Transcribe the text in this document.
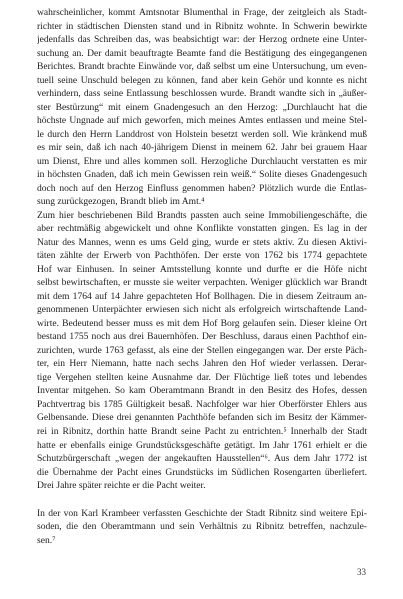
wahrscheinlicher, kommt Amtsnotar Blumenthal in Frage, der zeitgleich als Stadt-
richter in städtischen Diensten stand und in Ribnitz wohnte. In Schwerin bewirkte
jedenfalls das Schreiben das, was beabsichtigt war: der Herzog ordnete eine Unter-
suchung an. Der damit beauftragte Beamte fand die Bestätigung des eingegangenen
Berichtes. Brandt brachte Einwände vor, daß selbst um eine Untersuchung, um even-
tuell seine Unschuld belegen zu können, fand aber kein Gehör und konnte es nicht
verhindern, dass seine Entlassung beschlossen wurde. Brandt wandte sich in „äußer-
ster Bestürzung“ mit einem Gnadengesuch an den Herzog: „Durchlaucht hat die
höchste Ungnade auf mich geworfen, mich meines Amtes entlassen und meine Stel-
le durch den Herrn Landdrost von Holstein besetzt werden soll. Wie kränkend muß
es mir sein, daß ich nach 40-jährigem Dienst in meinem 62. Jahr bei grauem Haar
um Dienst, Ehre und alles kommen soll. Herzogliche Durchlaucht verstatten es mir
in höchsten Gnaden, daß ich mein Gewissen rein weiß.“ Solite dieses Gnadengesuch
doch noch auf den Herzog Einfluss genommen haben? Plötzlich wurde die Entlas-
sung zurückgezogen, Brandt blieb im Amt.⁴
Zum hier beschriebenen Bild Brandts passten auch seine Immobiliengeschäfte, die
aber rechtmäßig abgewickelt und ohne Konflikte vonstatten gingen. Es lag in der
Natur des Mannes, wenn es ums Geld ging, wurde er stets aktiv. Zu diesen Aktivi-
täten zählte der Erwerb von Pachthöfen. Der erste von 1762 bis 1774 gepachtete
Hof war Einhusen. In seiner Amtsstellung konnte und durfte er die Höfe nicht
selbst bewirtschaften, er musste sie weiter verpachten. Weniger glücklich war Brandt
mit dem 1764 auf 14 Jahre gepachteten Hof Bollhagen. Die in diesem Zeitraum an-
genommenen Unterpächter erwiesen sich nicht als erfolgreich wirtschaftende Land-
wirte. Bedeutend besser muss es mit dem Hof Borg gelaufen sein. Dieser kleine Ort
bestand 1755 noch aus drei Bauernhöfen. Der Beschluss, daraus einen Pachthof ein-
zurichten, wurde 1763 gefasst, als eine der Stellen eingegangen war. Der erste Päch-
ter, ein Herr Niemann, hatte nach sechs Jahren den Hof wieder verlassen. Derar-
tige Vergehen stellten keine Ausnahme dar. Der Flüchtige ließ totes und lebendes
Inventar mitgehen. So kam Oberamtmann Brandt in den Besitz des Hofes, dessen
Pachtvertrag bis 1785 Gültigkeit besaß. Nachfolger war hier Oberförster Ehlers aus
Gelbensande. Diese drei genannten Pachthöfe befanden sich im Besitz der Kämmer-
rei in Ribnitz, dorthin hatte Brandt seine Pacht zu entrichten.⁵ Innerhalb der Stadt
hatte er ebenfalls einige Grundstücksgeschäfte getätigt. Im Jahr 1761 erhielt er die
Schutzbürgerschaft „wegen der angekauften Hausstellen“⁶. Aus dem Jahr 1772 ist
die Übernahme der Pacht eines Grundstücks im Südlichen Rosengarten überliefert.
Drei Jahre später reichte er die Pacht weiter.
In der von Karl Krambeer verfassten Geschichte der Stadt Ribnitz sind weitere Epi-
soden, die den Oberamtmann und sein Verhältnis zu Ribnitz betreffen, nachzule-
sen.⁷
33
